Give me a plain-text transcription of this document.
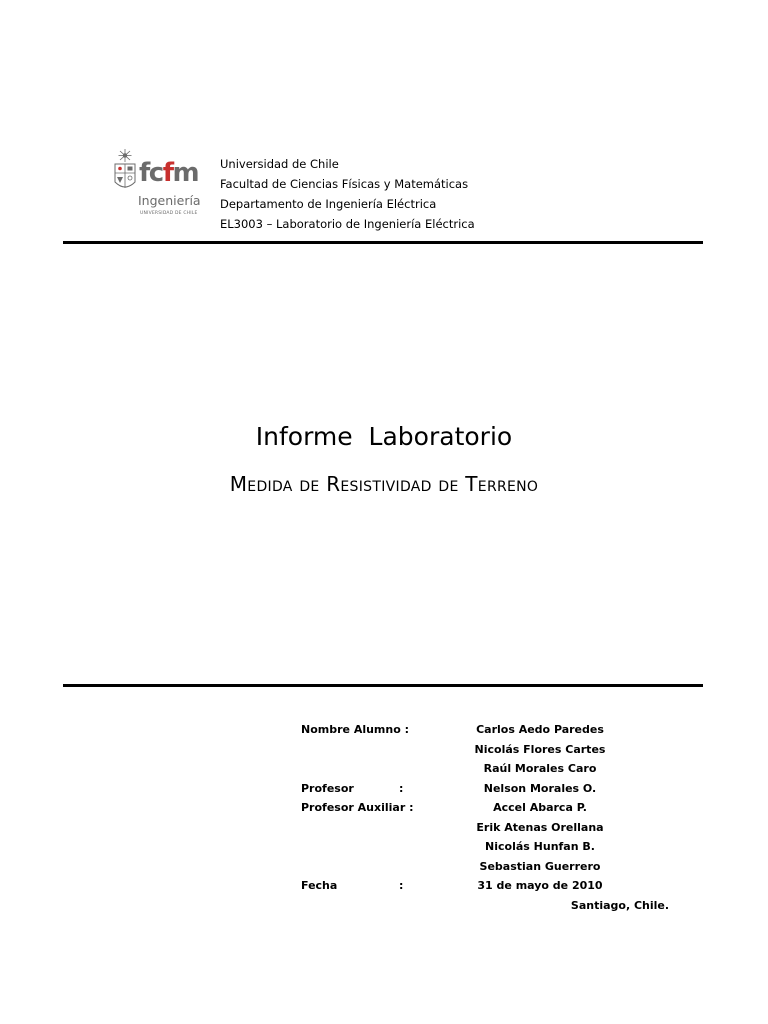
fcfm
Ingeniería
UNIVERSIDAD DE CHILE
Universidad de Chile
Facultad de Ciencias Físicas y Matemáticas
Departamento de Ingeniería Eléctrica
EL3003 – Laboratorio de Ingeniería Eléctrica
Informe  Laboratorio
Medida de Resistividad de Terreno
Nombre Alumno :	Carlos Aedo Paredes
Nicolás Flores Cartes
Raúl Morales Caro
Profesor	:	Nelson Morales O.
Profesor Auxiliar :	Accel Abarca P.
Erik Atenas Orellana
Nicolás Hunfan B.
Sebastian Guerrero
Fecha	:	31 de mayo de 2010
Santiago, Chile.
